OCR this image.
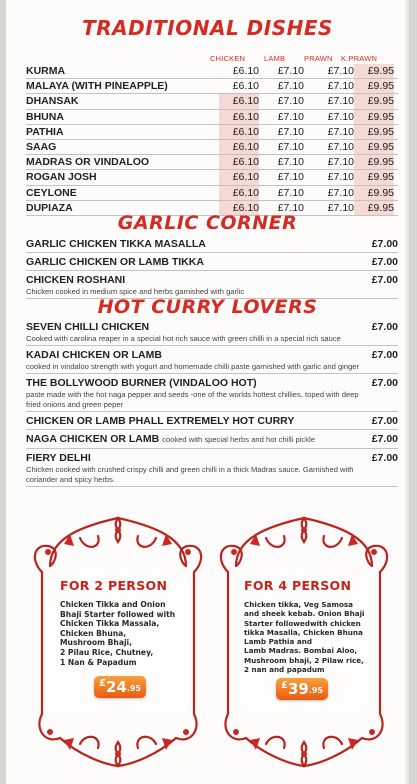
TRADITIONAL DISHES
CHICKEN	LAMB	PRAWN K.PRAWN
KURMA	£6.10	£7.10	£7.10	£9.95
MALAYA (WITH PINEAPPLE)	£6.10	£7.10	£7.10	£9.95
DHANSAK	£6.10	£7.10	£7.10	£9.95
BHUNA	£6.10	£7.10	£7.10	£9.95
PATHIA	£6.10	£7.10	£7.10	£9.95
SAAG	£6.10	£7.10	£7.10	£9.95
MADRAS OR VINDALOO	£6.10	£7.10	£7.10	£9.95
ROGAN JOSH	£6.10	£7.10	£7.10	£9.95
CEYLONE	£6.10	£7.10	£7.10	£9.95
DUPIAZA	£6.10	£7.10	£7.10	£9.95
GARLIC CORNER
GARLIC CHICKEN TIKKA MASALLA	£7.00
GARLIC CHICKEN OR LAMB TIKKA	£7.00
CHICKEN ROSHANI	£7.00
Chicken cooked in medium spice and herbs garnished with garlic
HOT CURRY LOVERS
SEVEN CHILLI CHICKEN	£7.00
Cooked with carolina reaper in a special hot rich sauce with green chilli in a special rich sauce
KADAI CHICKEN OR LAMB	£7.00
cooked in vindaloo strength with yogurt and homemade chilli paste garnished with garlic and ginger
THE BOLLYWOOD BURNER (VINDALOO HOT)	£7.00
paste made with the hot naga pepper and seeds -one of the worlds hottest chillies, toped with deep fried onions and green peper
CHICKEN OR LAMB PHALL EXTREMELY HOT CURRY	£7.00
NAGA CHICKEN OR LAMB cooked with special herbs and hot chilli pickle	£7.00
FIERY DELHI	£7.00
Chicken cooked with crushed crispy chilli and green chilli in a thick Madras sauce. Garnished with coriander and spicy herbs.
FOR 2 PERSON
Chicken Tikka and Onion
Bhaji Starter followed with
Chicken Tikka Massala,
Chicken Bhuna,
Mushroom Bhaji,
2 Pilau Rice, Chutney,
1 Nan & Papadum
£24.95
FOR 4 PERSON
Chicken tikka, Veg Samosa
and sheek kebab. Onion Bhaji
Starter followedwith chicken
tikka Masalla, Chicken Bhuna
Lamb Pathia and
Lamb Madras. Bombai Aloo,
Mushroom bhaji, 2 Pilaw rice,
2 nan and papadum
£39.95
